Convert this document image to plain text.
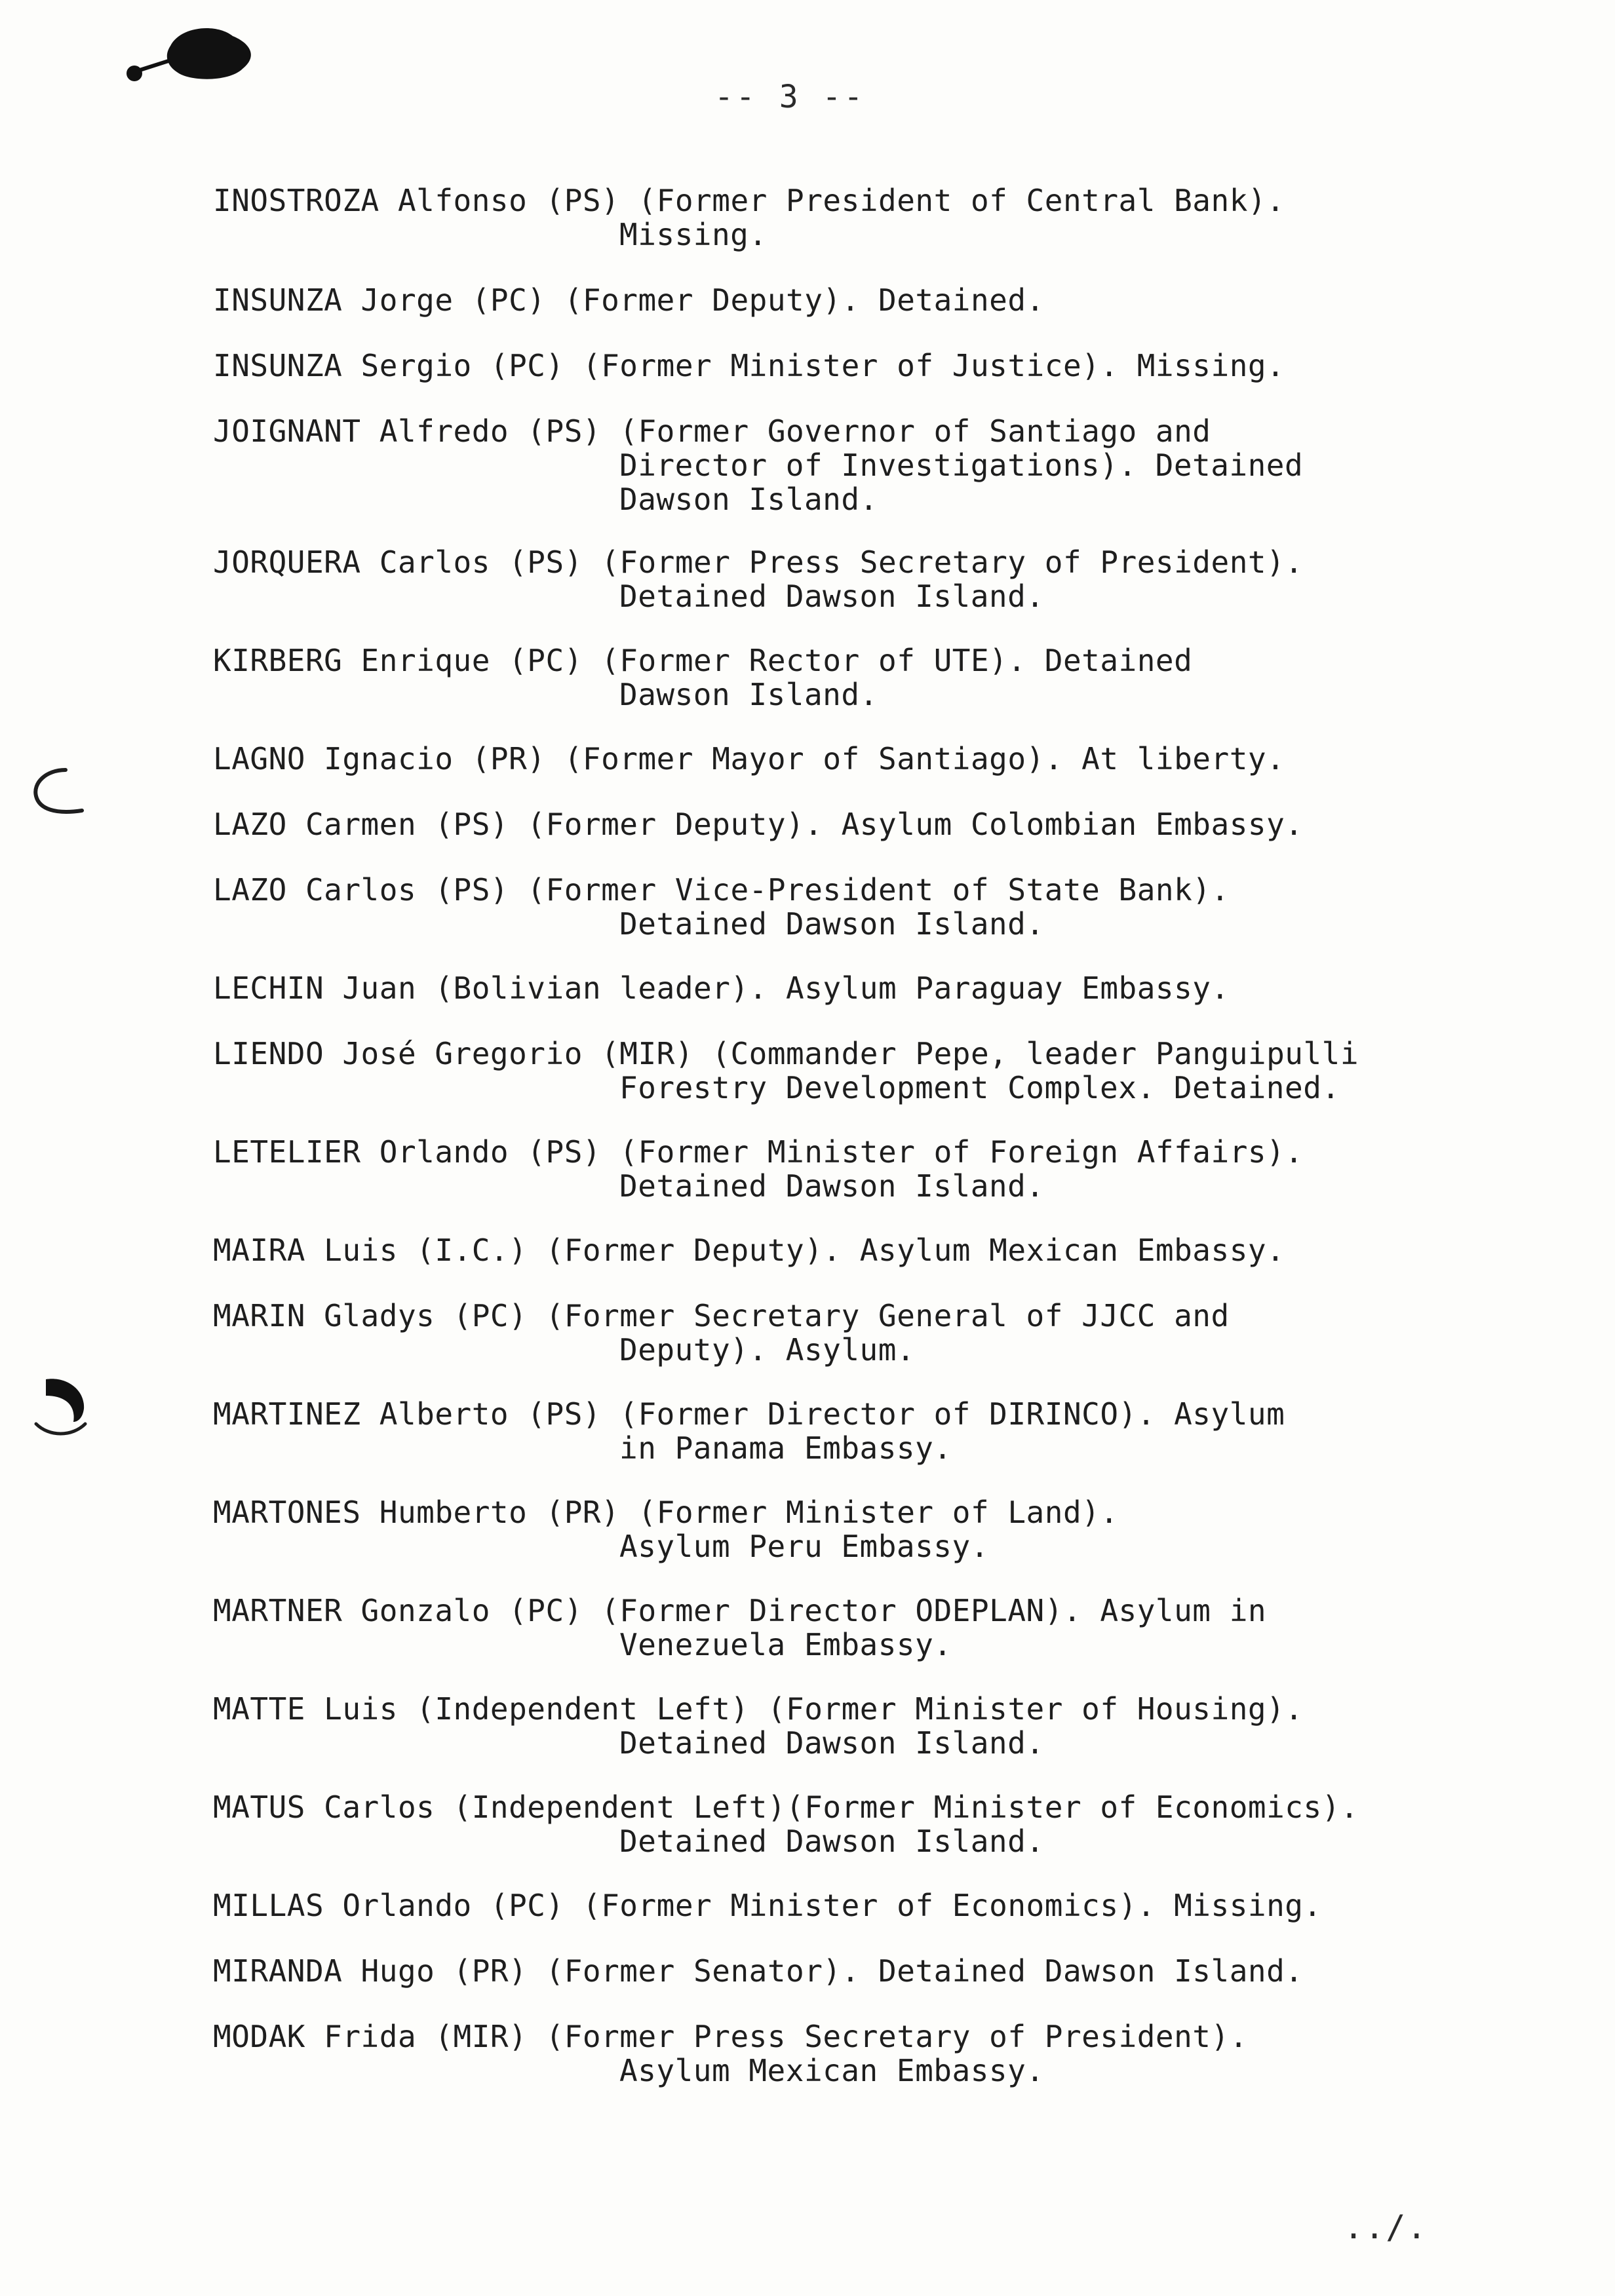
-- 3 --
INOSTROZA Alfonso (PS) (Former President of Central Bank).
Missing.
INSUNZA Jorge (PC) (Former Deputy). Detained.
INSUNZA Sergio (PC) (Former Minister of Justice). Missing.
JOIGNANT Alfredo (PS) (Former Governor of Santiago and
Director of Investigations). Detained
Dawson Island.
JORQUERA Carlos (PS) (Former Press Secretary of President).
Detained Dawson Island.
KIRBERG Enrique (PC) (Former Rector of UTE). Detained
Dawson Island.
LAGNO Ignacio (PR) (Former Mayor of Santiago). At liberty.
LAZO Carmen (PS) (Former Deputy). Asylum Colombian Embassy.
LAZO Carlos (PS) (Former Vice-President of State Bank).
Detained Dawson Island.
LECHIN Juan (Bolivian leader). Asylum Paraguay Embassy.
LIENDO José Gregorio (MIR) (Commander Pepe, leader Panguipulli
Forestry Development Complex. Detained.
LETELIER Orlando (PS) (Former Minister of Foreign Affairs).
Detained Dawson Island.
MAIRA Luis (I.C.) (Former Deputy). Asylum Mexican Embassy.
MARIN Gladys (PC) (Former Secretary General of JJCC and
Deputy). Asylum.
MARTINEZ Alberto (PS) (Former Director of DIRINCO). Asylum
in Panama Embassy.
MARTONES Humberto (PR) (Former Minister of Land).
Asylum Peru Embassy.
MARTNER Gonzalo (PC) (Former Director ODEPLAN). Asylum in
Venezuela Embassy.
MATTE Luis (Independent Left) (Former Minister of Housing).
Detained Dawson Island.
MATUS Carlos (Independent Left)(Former Minister of Economics).
Detained Dawson Island.
MILLAS Orlando (PC) (Former Minister of Economics). Missing.
MIRANDA Hugo (PR) (Former Senator). Detained Dawson Island.
MODAK Frida (MIR) (Former Press Secretary of President).
Asylum Mexican Embassy.
../.
